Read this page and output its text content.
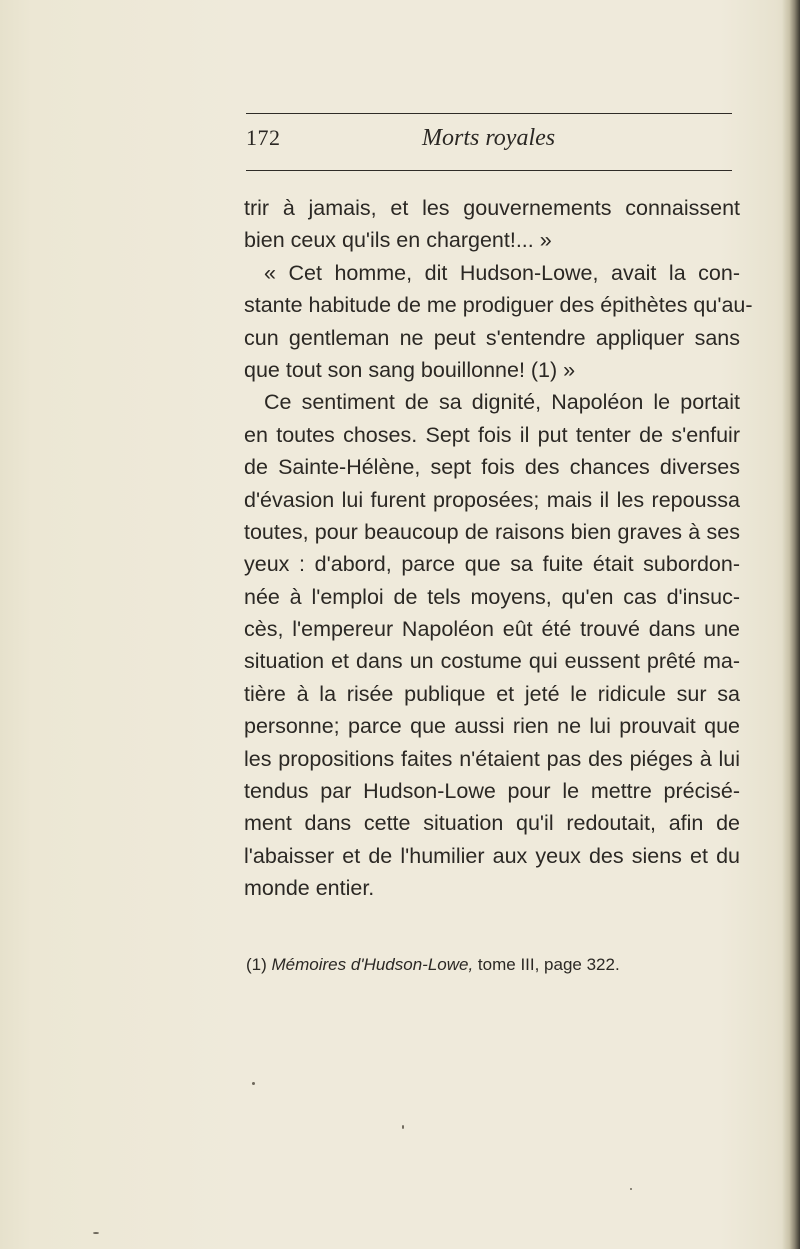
172	Morts royales
trir à jamais, et les gouvernements connaissent
bien ceux qu'ils en chargent!... »
« Cet homme, dit Hudson-Lowe, avait la con-
stante habitude de me prodiguer des épithètes qu'au-
cun gentleman ne peut s'entendre appliquer sans
que tout son sang bouillonne! (1) »
Ce sentiment de sa dignité, Napoléon le portait
en toutes choses. Sept fois il put tenter de s'enfuir
de Sainte-Hélène, sept fois des chances diverses
d'évasion lui furent proposées; mais il les repoussa
toutes, pour beaucoup de raisons bien graves à ses
yeux : d'abord, parce que sa fuite était subordon-
née à l'emploi de tels moyens, qu'en cas d'insuc-
cès, l'empereur Napoléon eût été trouvé dans une
situation et dans un costume qui eussent prêté ma-
tière à la risée publique et jeté le ridicule sur sa
personne; parce que aussi rien ne lui prouvait que
les propositions faites n'étaient pas des piéges à lui
tendus par Hudson-Lowe pour le mettre précisé-
ment dans cette situation qu'il redoutait, afin de
l'abaisser et de l'humilier aux yeux des siens et du
monde entier.
(1) Mémoires d'Hudson-Lowe, tome III, page 322.
